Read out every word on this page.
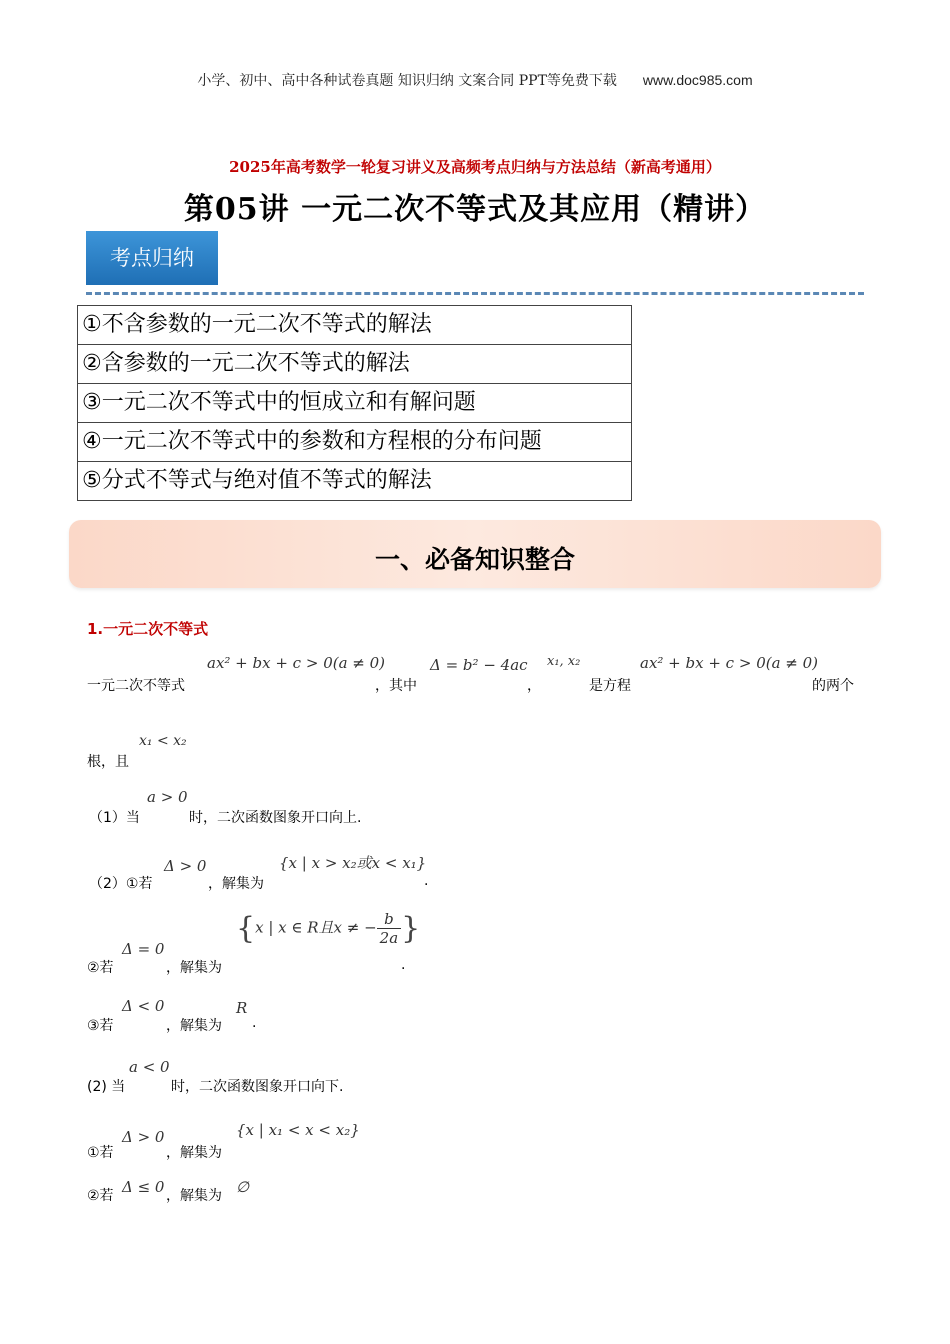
小学、初中、高中各种试卷真题 知识归纳 文案合同 PPT等免费下载 www.doc985.com
2025年高考数学一轮复习讲义及高频考点归纳与方法总结（新高考通用）
第05讲 一元二次不等式及其应用（精讲）
考点归纳
①不含参数的一元二次不等式的解法
②含参数的一元二次不等式的解法
③一元二次不等式中的恒成立和有解问题
④一元二次不等式中的参数和方程根的分布问题
⑤分式不等式与绝对值不等式的解法
一、必备知识整合
1.一元二次不等式
一元二次不等式
ax² + bx + c > 0(a ≠ 0)
，其中
Δ = b² − 4ac
，
x₁, x₂
是方程
ax² + bx + c > 0(a ≠ 0)
的两个
x₁ < x₂
根，且
a > 0
（1）当	时，二次函数图象开口向上.
Δ > 0
（2）①若	，解集为
{x | x > x₂或x < x₁}
.
Δ = 0
②若	，解集为
{x | x ∈ R且x ≠ − $\frac{b}{2a}$ }
.
Δ < 0
③若	，解集为
R
.
a < 0
(2) 当	时，二次函数图象开口向下.
Δ > 0
①若	，解集为
{x | x₁ < x < x₂}
Δ ≤ 0
②若	，解集为 ∅
